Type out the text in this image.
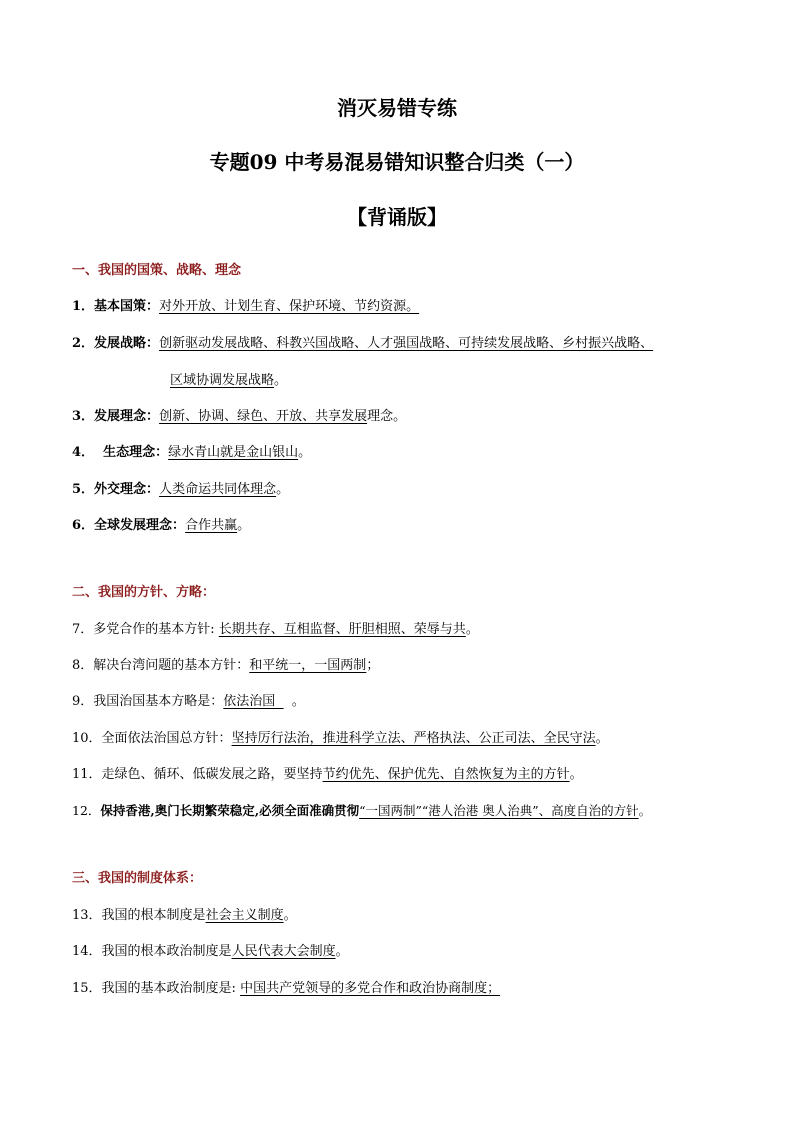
消灭易错专练
专题09 中考易混易错知识整合归类（一）
【背诵版】
一、我国的国策、战略、理念
1．基本国策：对外开放、计划生育、保护环境、节约资源。
2．发展战略：创新驱动发展战略、科教兴国战略、人才强国战略、可持续发展战略、乡村振兴战略、
区域协调发展战略。
3．发展理念：创新、协调、绿色、开放、共享发展理念。
4．  生态理念：绿水青山就是金山银山。
5．外交理念：人类命运共同体理念。
6．全球发展理念：合作共赢。
二、我国的方针、方略：
7．多党合作的基本方针: 长期共存、互相监督、肝胆相照、荣辱与共。
8．解决台湾问题的基本方针：和平统一，一国两制；
9．我国治国基本方略是：依法治国    。
10．全面依法治国总方针：坚持厉行法治，推进科学立法、严格执法、公正司法、全民守法。
11．走绿色、循环、低碳发展之路，要坚持节约优先、保护优先、自然恢复为主的方针。
12．保持香港,奥门长期繁荣稳定,必须全面准确贯彻“一国两制”“港人治港 奥人治典”、高度自治的方针。
三、我国的制度体系：
13．我国的根本制度是社会主义制度。
14．我国的根本政治制度是人民代表大会制度。
15．我国的基本政治制度是: 中国共产党领导的多党合作和政治协商制度；
